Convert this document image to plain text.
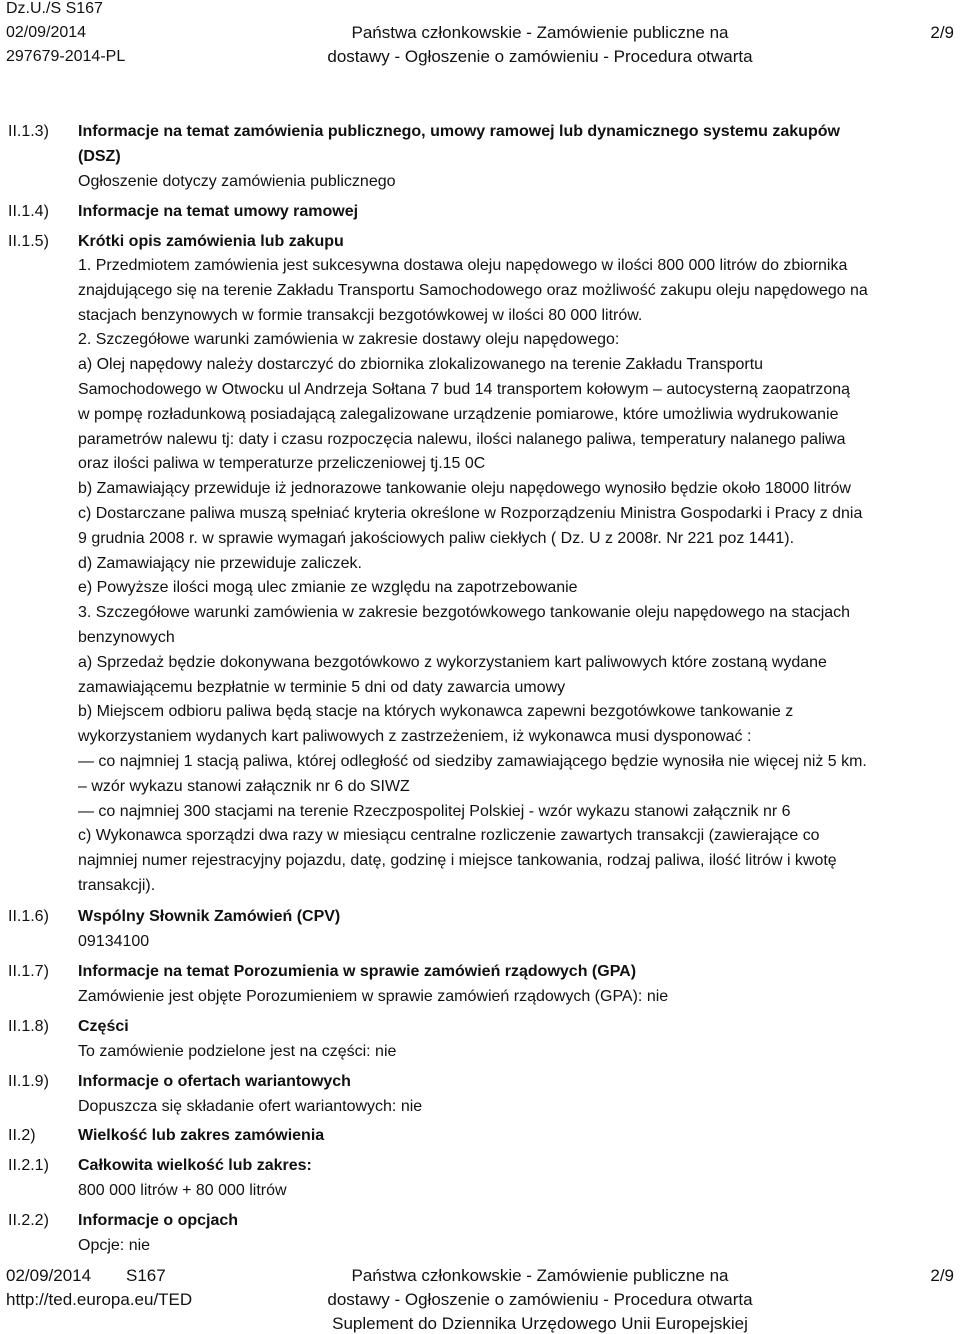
Dz.U./S S167
02/09/2014
297679-2014-PL
Państwa członkowskie - Zamówienie publiczne na
dostawy - Ogłoszenie o zamówieniu - Procedura otwarta
2/9
II.1.3)
II.1.4)
II.1.5)
II.1.6)
II.1.7)
II.1.8)
II.1.9)
II.2)
II.2.1)
II.2.2)
Informacje na temat zamówienia publicznego, umowy ramowej lub dynamicznego systemu zakupów
(DSZ)
Ogłoszenie dotyczy zamówienia publicznego
Informacje na temat umowy ramowej
Krótki opis zamówienia lub zakupu
1. Przedmiotem zamówienia jest sukcesywna dostawa oleju napędowego w ilości 800 000 litrów do zbiornika
znajdującego się na terenie Zakładu Transportu Samochodowego oraz możliwość zakupu oleju napędowego na
stacjach benzynowych w formie transakcji bezgotówkowej w ilości 80 000 litrów.
2. Szczegółowe warunki zamówienia w zakresie dostawy oleju napędowego:
a) Olej napędowy należy dostarczyć do zbiornika zlokalizowanego na terenie Zakładu Transportu
Samochodowego w Otwocku ul Andrzeja Sołtana 7 bud 14 transportem kołowym – autocysterną zaopatrzoną
w pompę rozładunkową posiadającą zalegalizowane urządzenie pomiarowe, które umożliwia wydrukowanie
parametrów nalewu tj: daty i czasu rozpoczęcia nalewu, ilości nalanego paliwa, temperatury nalanego paliwa
oraz ilości paliwa w temperaturze przeliczeniowej tj.15 0C
b) Zamawiający przewiduje iż jednorazowe tankowanie oleju napędowego wynosiło będzie około 18000 litrów
c) Dostarczane paliwa muszą spełniać kryteria określone w Rozporządzeniu Ministra Gospodarki i Pracy z dnia
9 grudnia 2008 r. w sprawie wymagań jakościowych paliw ciekłych ( Dz. U z 2008r. Nr 221 poz 1441).
d) Zamawiający nie przewiduje zaliczek.
e) Powyższe ilości mogą ulec zmianie ze względu na zapotrzebowanie
3. Szczegółowe warunki zamówienia w zakresie bezgotówkowego tankowanie oleju napędowego na stacjach
benzynowych
a) Sprzedaż będzie dokonywana bezgotówkowo z wykorzystaniem kart paliwowych które zostaną wydane
zamawiającemu bezpłatnie w terminie 5 dni od daty zawarcia umowy
b) Miejscem odbioru paliwa będą stacje na których wykonawca zapewni bezgotówkowe tankowanie z
wykorzystaniem wydanych kart paliwowych z zastrzeżeniem, iż wykonawca musi dysponować :
— co najmniej 1 stacją paliwa, której odległość od siedziby zamawiającego będzie wynosiła nie więcej niż 5 km.
– wzór wykazu stanowi załącznik nr 6 do SIWZ
— co najmniej 300 stacjami na terenie Rzeczpospolitej Polskiej - wzór wykazu stanowi załącznik nr 6
c) Wykonawca sporządzi dwa razy w miesiącu centralne rozliczenie zawartych transakcji (zawierające co
najmniej numer rejestracyjny pojazdu, datę, godzinę i miejsce tankowania, rodzaj paliwa, ilość litrów i kwotę
transakcji).
Wspólny Słownik Zamówień (CPV)
09134100
Informacje na temat Porozumienia w sprawie zamówień rządowych (GPA)
Zamówienie jest objęte Porozumieniem w sprawie zamówień rządowych (GPA): nie
Części
To zamówienie podzielone jest na części: nie
Informacje o ofertach wariantowych
Dopuszcza się składanie ofert wariantowych: nie
Wielkość lub zakres zamówienia
Całkowita wielkość lub zakres:
800 000 litrów + 80 000 litrów
Informacje o opcjach
Opcje: nie
02/09/2014 S167
http://ted.europa.eu/TED
Państwa członkowskie - Zamówienie publiczne na
dostawy - Ogłoszenie o zamówieniu - Procedura otwarta
Suplement do Dziennika Urzędowego Unii Europejskiej
2/9
